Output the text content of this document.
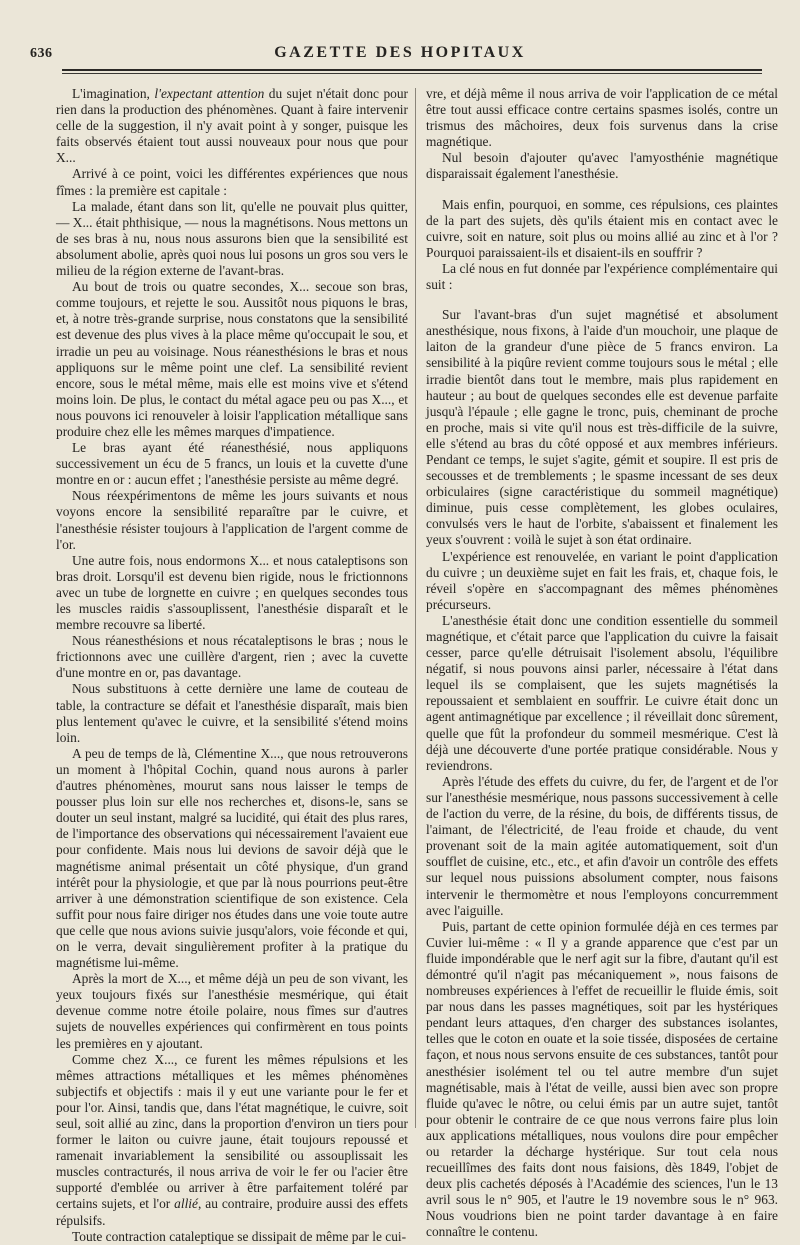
636	GAZETTE DES HOPITAUX

L'imagination, l'expectant attention du sujet n'était donc pour rien dans la production des phénomènes. Quant à faire intervenir celle de la suggestion, il n'y avait point à y songer, puisque les faits observés étaient tout aussi nouveaux pour nous que pour X...

Arrivé à ce point, voici les différentes expériences que nous fîmes : la première est capitale :

La malade, étant dans son lit, qu'elle ne pouvait plus quitter, — X... était phthisique, — nous la magnétisons. Nous mettons un de ses bras à nu, nous nous assurons bien que la sensibilité est absolument abolie, après quoi nous lui posons un gros sou vers le milieu de la région externe de l'avant-bras.

Au bout de trois ou quatre secondes, X... secoue son bras, comme toujours, et rejette le sou. Aussitôt nous piquons le bras, et, à notre très-grande surprise, nous constatons que la sensibilité est devenue des plus vives à la place même qu'occupait le sou, et irradie un peu au voisinage. Nous réanesthésions le bras et nous appliquons sur le même point une clef. La sensibilité revient encore, sous le métal même, mais elle est moins vive et s'étend moins loin. De plus, le contact du métal agace peu ou pas X..., et nous pouvons ici renouveler à loisir l'application métallique sans produire chez elle les mêmes marques d'impatience.

Le bras ayant été réanesthésié, nous appliquons successivement un écu de 5 francs, un louis et la cuvette d'une montre en or : aucun effet ; l'anesthésie persiste au même degré.

Nous réexpérimentons de même les jours suivants et nous voyons encore la sensibilité reparaître par le cuivre, et l'anesthésie résister toujours à l'application de l'argent comme de l'or.

Une autre fois, nous endormons X... et nous cataleptisons son bras droit. Lorsqu'il est devenu bien rigide, nous le frictionnons avec un tube de lorgnette en cuivre ; en quelques secondes tous les muscles raidis s'assouplissent, l'anesthésie disparaît et le membre recouvre sa liberté.

Nous réanesthésions et nous récataleptisons le bras ; nous le frictionnons avec une cuillère d'argent, rien ; avec la cuvette d'une montre en or, pas davantage.

Nous substituons à cette dernière une lame de couteau de table, la contracture se défait et l'anesthésie disparaît, mais bien plus lentement qu'avec le cuivre, et la sensibilité s'étend moins loin.

A peu de temps de là, Clémentine X..., que nous retrouverons un moment à l'hôpital Cochin, quand nous aurons à parler d'autres phénomènes, mourut sans nous laisser le temps de pousser plus loin sur elle nos recherches et, disons-le, sans se douter un seul instant, malgré sa lucidité, qui était des plus rares, de l'importance des observations qui nécessairement l'avaient eue pour confidente. Mais nous lui devions de savoir déjà que le magnétisme animal présentait un côté physique, d'un grand intérêt pour la physiologie, et que par là nous pourrions peut-être arriver à une démonstration scientifique de son existence. Cela suffit pour nous faire diriger nos études dans une voie toute autre que celle que nous avions suivie jusqu'alors, voie féconde et qui, on le verra, devait singulièrement profiter à la pratique du magnétisme lui-même.

Après la mort de X..., et même déjà un peu de son vivant, les yeux toujours fixés sur l'anesthésie mesmérique, qui était devenue comme notre étoile polaire, nous fîmes sur d'autres sujets de nouvelles expériences qui confirmèrent en tous points les premières en y ajoutant.

Comme chez X..., ce furent les mêmes répulsions et les mêmes attractions métalliques et les mêmes phénomènes subjectifs et objectifs : mais il y eut une variante pour le fer et pour l'or. Ainsi, tandis que, dans l'état magnétique, le cuivre, soit seul, soit allié au zinc, dans la proportion d'environ un tiers pour former le laiton ou cuivre jaune, était toujours repoussé et ramenait invariablement la sensibilité ou assouplissait les muscles contracturés, il nous arriva de voir le fer ou l'acier être supporté d'emblée ou arriver à être parfaitement toléré par certains sujets, et l'or allié, au contraire, produire aussi des effets répulsifs.

Toute contraction cataleptique se dissipait de même par le cui-

vre, et déjà même il nous arriva de voir l'application de ce métal être tout aussi efficace contre certains spasmes isolés, contre un trismus des mâchoires, deux fois survenus dans la crise magnétique.

Nul besoin d'ajouter qu'avec l'amyosthénie magnétique disparaissait également l'anesthésie.

Mais enfin, pourquoi, en somme, ces répulsions, ces plaintes de la part des sujets, dès qu'ils étaient mis en contact avec le cuivre, soit en nature, soit plus ou moins allié au zinc et à l'or ? Pourquoi paraissaient-ils et disaient-ils en souffrir ?

La clé nous en fut donnée par l'expérience complémentaire qui suit :

Sur l'avant-bras d'un sujet magnétisé et absolument anesthésique, nous fixons, à l'aide d'un mouchoir, une plaque de laiton de la grandeur d'une pièce de 5 francs environ. La sensibilité à la piqûre revient comme toujours sous le métal ; elle irradie bientôt dans tout le membre, mais plus rapidement en hauteur ; au bout de quelques secondes elle est devenue parfaite jusqu'à l'épaule ; elle gagne le tronc, puis, cheminant de proche en proche, mais si vite qu'il nous est très-difficile de la suivre, elle s'étend au bras du côté opposé et aux membres inférieurs. Pendant ce temps, le sujet s'agite, gémit et soupire. Il est pris de secousses et de tremblements ; le spasme incessant de ses deux orbiculaires (signe caractéristique du sommeil magnétique) diminue, puis cesse complètement, les globes oculaires, convulsés vers le haut de l'orbite, s'abaissent et finalement les yeux s'ouvrent : voilà le sujet à son état ordinaire.

L'expérience est renouvelée, en variant le point d'application du cuivre ; un deuxième sujet en fait les frais, et, chaque fois, le réveil s'opère en s'accompagnant des mêmes phénomènes précurseurs.

L'anesthésie était donc une condition essentielle du sommeil magnétique, et c'était parce que l'application du cuivre la faisait cesser, parce qu'elle détruisait l'isolement absolu, l'équilibre négatif, si nous pouvons ainsi parler, nécessaire à l'état dans lequel ils se complaisent, que les sujets magnétisés la repoussaient et semblaient en souffrir. Le cuivre était donc un agent antimagnétique par excellence ; il réveillait donc sûrement, quelle que fût la profondeur du sommeil mesmérique. C'est là déjà une découverte d'une portée pratique considérable. Nous y reviendrons.

Après l'étude des effets du cuivre, du fer, de l'argent et de l'or sur l'anesthésie mesmérique, nous passons successivement à celle de l'action du verre, de la résine, du bois, de différents tissus, de l'aimant, de l'électricité, de l'eau froide et chaude, du vent provenant soit de la main agitée automatiquement, soit d'un soufflet de cuisine, etc., etc., et afin d'avoir un contrôle des effets sur lequel nous puissions absolument compter, nous faisons intervenir le thermomètre et nous l'employons concurremment avec l'aiguille.

Puis, partant de cette opinion formulée déjà en ces termes par Cuvier lui-même : « Il y a grande apparence que c'est par un fluide impondérable que le nerf agit sur la fibre, d'autant qu'il est démontré qu'il n'agit pas mécaniquement », nous faisons de nombreuses expériences à l'effet de recueillir le fluide émis, soit par nous dans les passes magnétiques, soit par les hystériques pendant leurs attaques, d'en charger des substances isolantes, telles que le coton en ouate et la soie tissée, disposées de certaine façon, et nous nous servons ensuite de ces substances, tantôt pour anesthésier isolément tel ou tel autre membre d'un sujet magnétisable, mais à l'état de veille, aussi bien avec son propre fluide qu'avec le nôtre, ou celui émis par un autre sujet, tantôt pour obtenir le contraire de ce que nous verrons faire plus loin aux applications métalliques, nous voulons dire pour empêcher ou retarder la décharge hystérique. Sur tout cela nous recueillîmes des faits dont nous faisions, dès 1849, l'objet de deux plis cachetés déposés à l'Académie des sciences, l'un le 13 avril sous le n° 905, et l'autre le 19 novembre sous le n° 963. Nous voudrions bien ne point tarder davantage à en faire connaître le contenu.
